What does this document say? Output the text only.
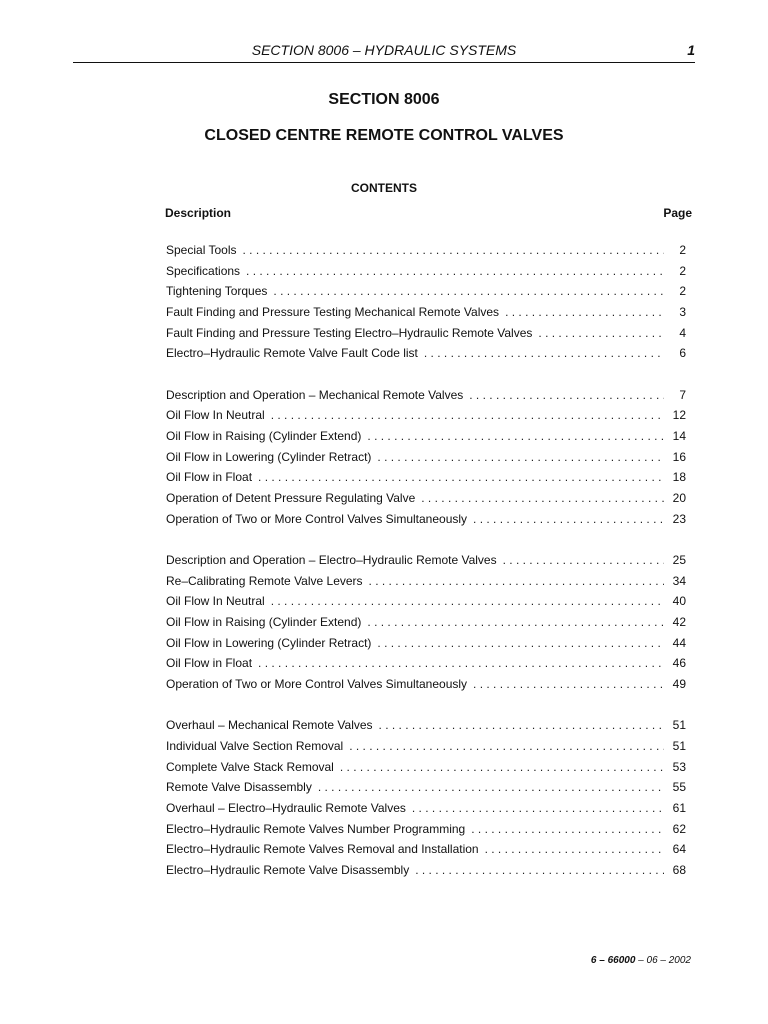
SECTION 8006 – HYDRAULIC SYSTEMS	1
SECTION 8006
CLOSED CENTRE REMOTE CONTROL VALVES
CONTENTS
Description	Page
Special Tools . . .	2
Specifications . . .	2
Tightening Torques . . .	2
Fault Finding and Pressure Testing Mechanical Remote Valves . . .	3
Fault Finding and Pressure Testing Electro–Hydraulic Remote Valves . . .	4
Electro–Hydraulic Remote Valve Fault Code list . . .	6
Description and Operation – Mechanical Remote Valves . . .	7
Oil Flow In Neutral . . .	12
Oil Flow in Raising (Cylinder Extend) . . .	14
Oil Flow in Lowering (Cylinder Retract) . . .	16
Oil Flow in Float . . .	18
Operation of Detent Pressure Regulating Valve . . .	20
Operation of Two or More Control Valves Simultaneously . . .	23
Description and Operation – Electro–Hydraulic Remote Valves . . .	25
Re–Calibrating Remote Valve Levers . . .	34
Oil Flow In Neutral . . .	40
Oil Flow in Raising (Cylinder Extend) . . .	42
Oil Flow in Lowering (Cylinder Retract) . . .	44
Oil Flow in Float . . .	46
Operation of Two or More Control Valves Simultaneously . . .	49
Overhaul – Mechanical Remote Valves . . .	51
Individual Valve Section Removal . . .	51
Complete Valve Stack Removal . . .	53
Remote Valve Disassembly . . .	55
Overhaul – Electro–Hydraulic Remote Valves . . .	61
Electro–Hydraulic Remote Valves Number Programming . . .	62
Electro–Hydraulic Remote Valves Removal and Installation . . .	64
Electro–Hydraulic Remote Valve Disassembly . . .	68
6 – 66000 – 06 – 2002
